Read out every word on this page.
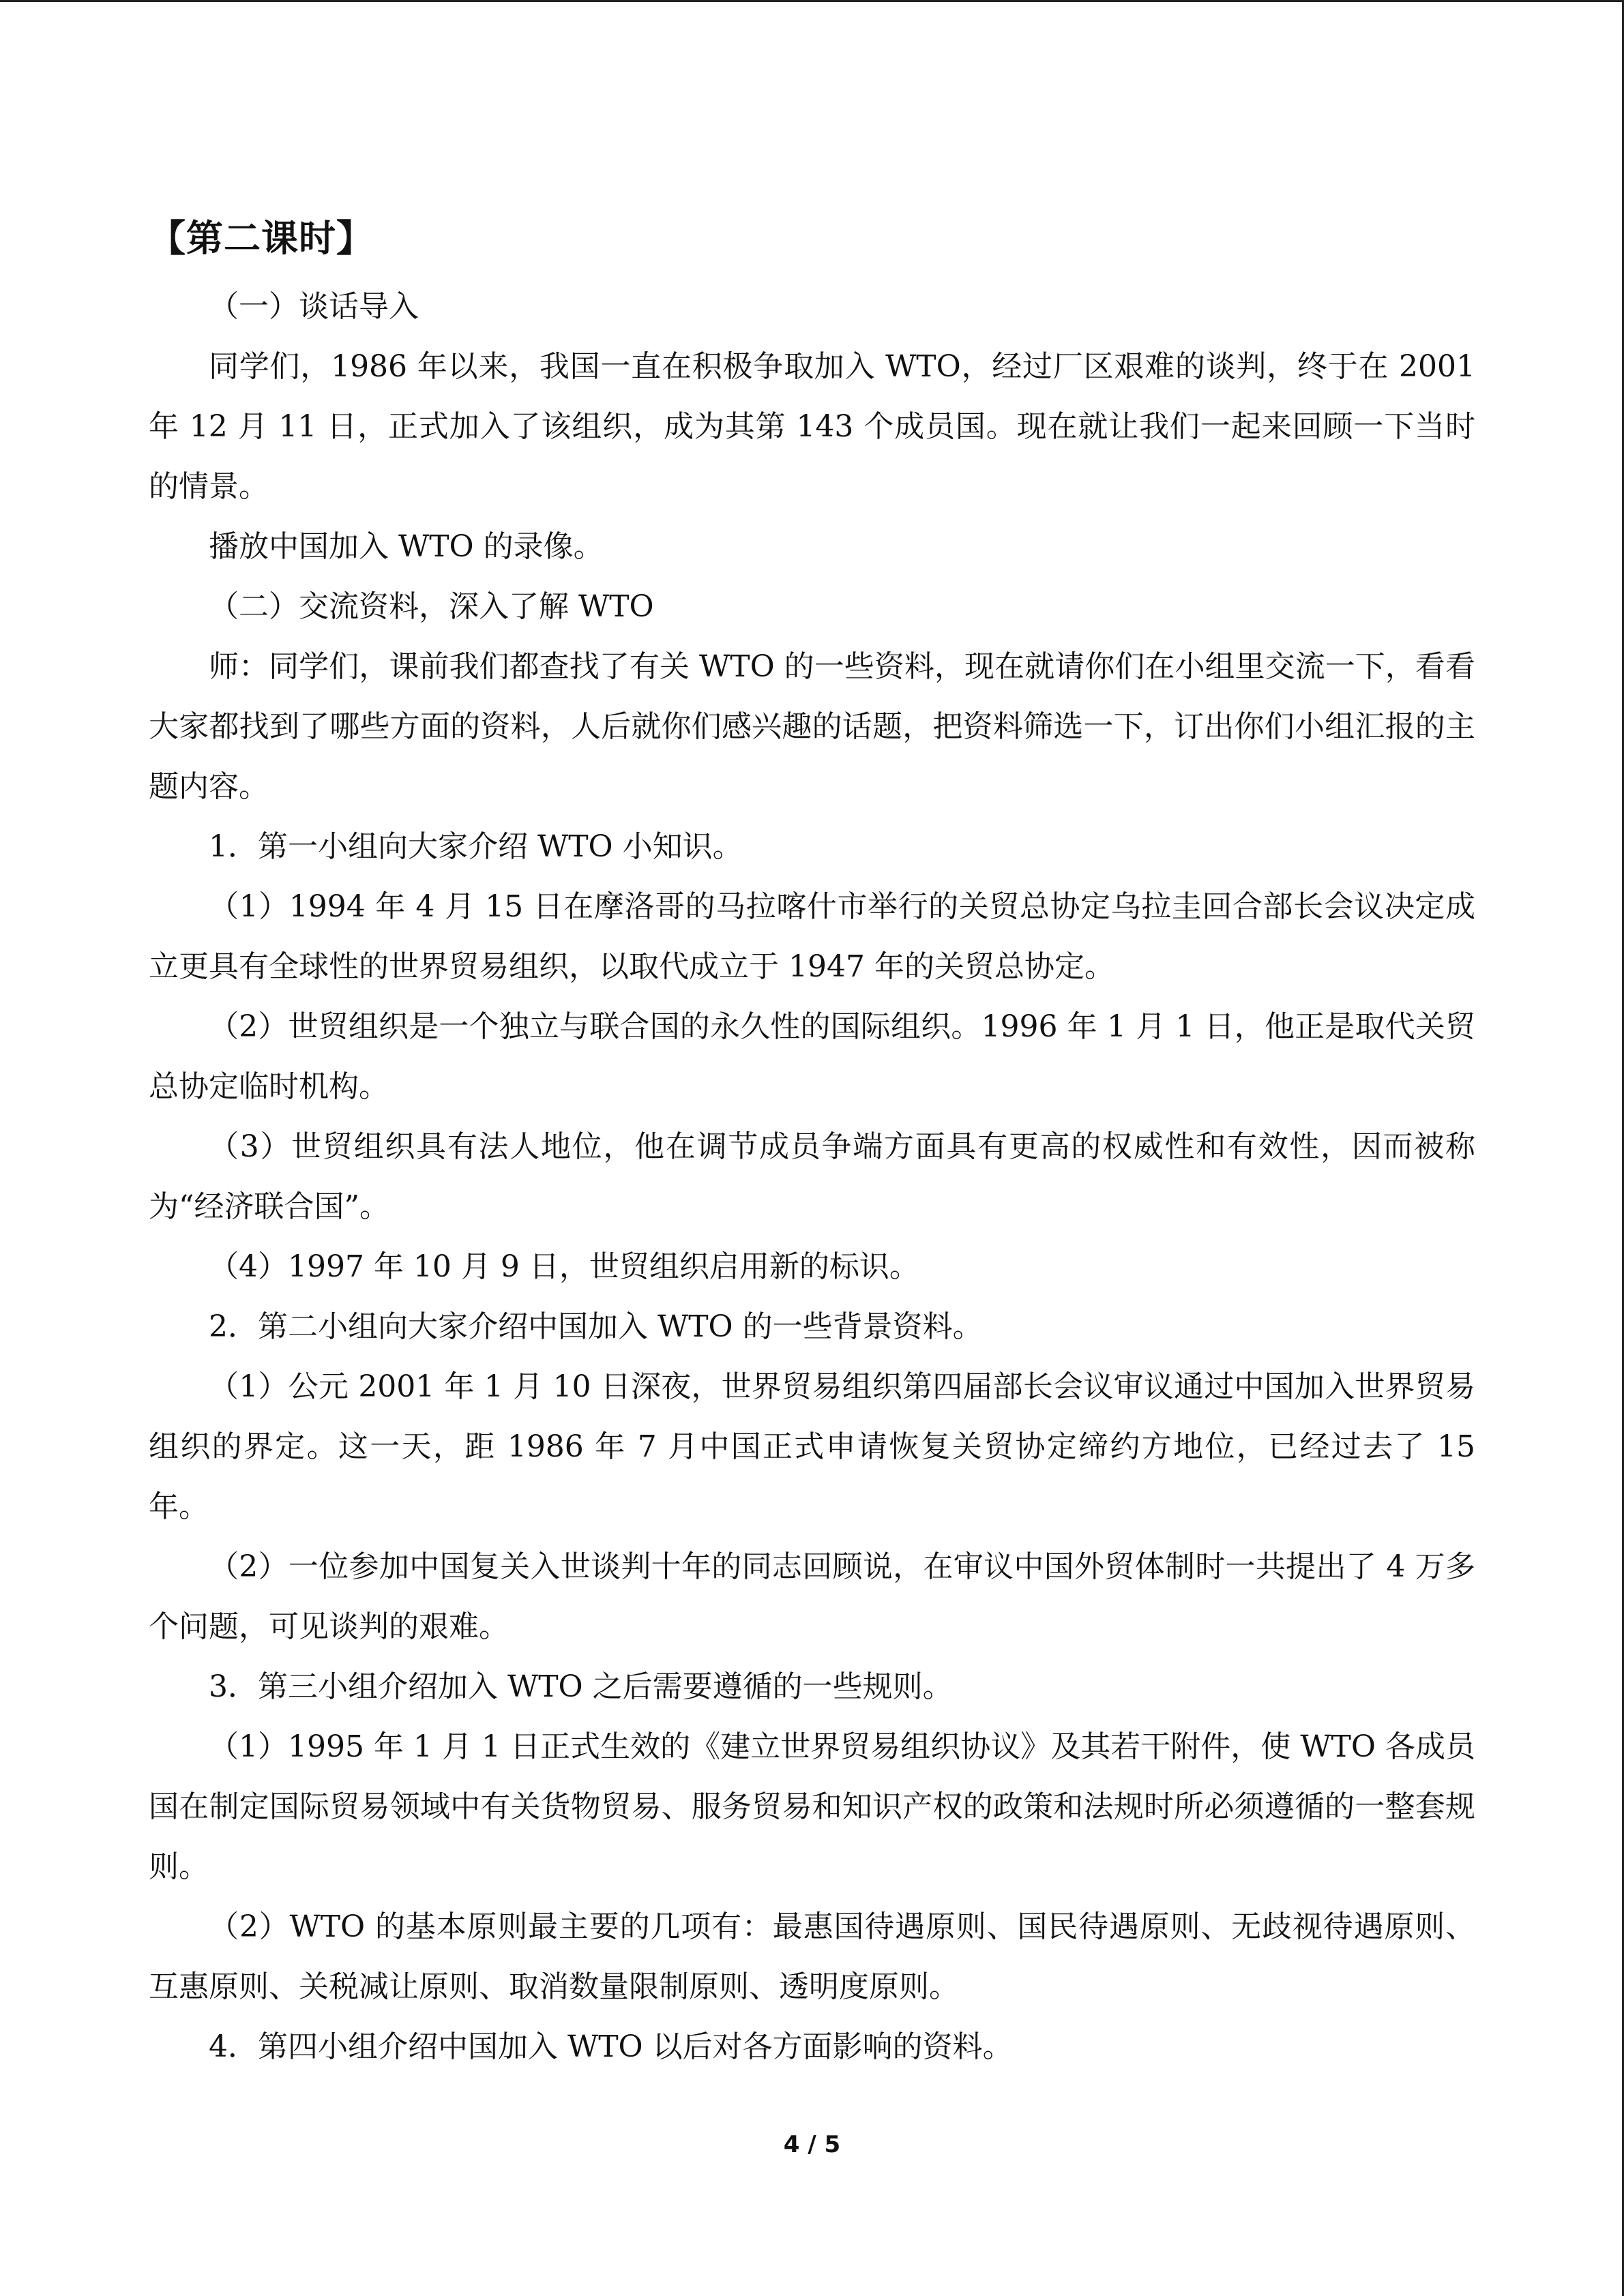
【第二课时】

（一）谈话导入

同学们，1986 年以来，我国一直在积极争取加入 WTO，经过厂区艰难的谈判，终于在 2001 年 12 月 11 日，正式加入了该组织，成为其第 143 个成员国。现在就让我们一起来回顾一下当时的情景。

播放中国加入 WTO 的录像。

（二）交流资料，深入了解 WTO

师：同学们，课前我们都查找了有关 WTO 的一些资料，现在就请你们在小组里交流一下，看看大家都找到了哪些方面的资料，人后就你们感兴趣的话题，把资料筛选一下，订出你们小组汇报的主题内容。

1．第一小组向大家介绍 WTO 小知识。

（1）1994 年 4 月 15 日在摩洛哥的马拉喀什市举行的关贸总协定乌拉圭回合部长会议决定成立更具有全球性的世界贸易组织，以取代成立于 1947 年的关贸总协定。

（2）世贸组织是一个独立与联合国的永久性的国际组织。1996 年 1 月 1 日，他正是取代关贸总协定临时机构。

（3）世贸组织具有法人地位，他在调节成员争端方面具有更高的权威性和有效性，因而被称为“经济联合国”。

（4）1997 年 10 月 9 日，世贸组织启用新的标识。

2．第二小组向大家介绍中国加入 WTO 的一些背景资料。

（1）公元 2001 年 1 月 10 日深夜，世界贸易组织第四届部长会议审议通过中国加入世界贸易组织的界定。这一天，距 1986 年 7 月中国正式申请恢复关贸协定缔约方地位，已经过去了 15 年。

（2）一位参加中国复关入世谈判十年的同志回顾说，在审议中国外贸体制时一共提出了 4 万多个问题，可见谈判的艰难。

3．第三小组介绍加入 WTO 之后需要遵循的一些规则。

（1）1995 年 1 月 1 日正式生效的《建立世界贸易组织协议》及其若干附件，使 WTO 各成员国在制定国际贸易领域中有关货物贸易、服务贸易和知识产权的政策和法规时所必须遵循的一整套规则。

（2）WTO 的基本原则最主要的几项有：最惠国待遇原则、国民待遇原则、无歧视待遇原则、互惠原则、关税减让原则、取消数量限制原则、透明度原则。

4．第四小组介绍中国加入 WTO 以后对各方面影响的资料。

4 / 5
